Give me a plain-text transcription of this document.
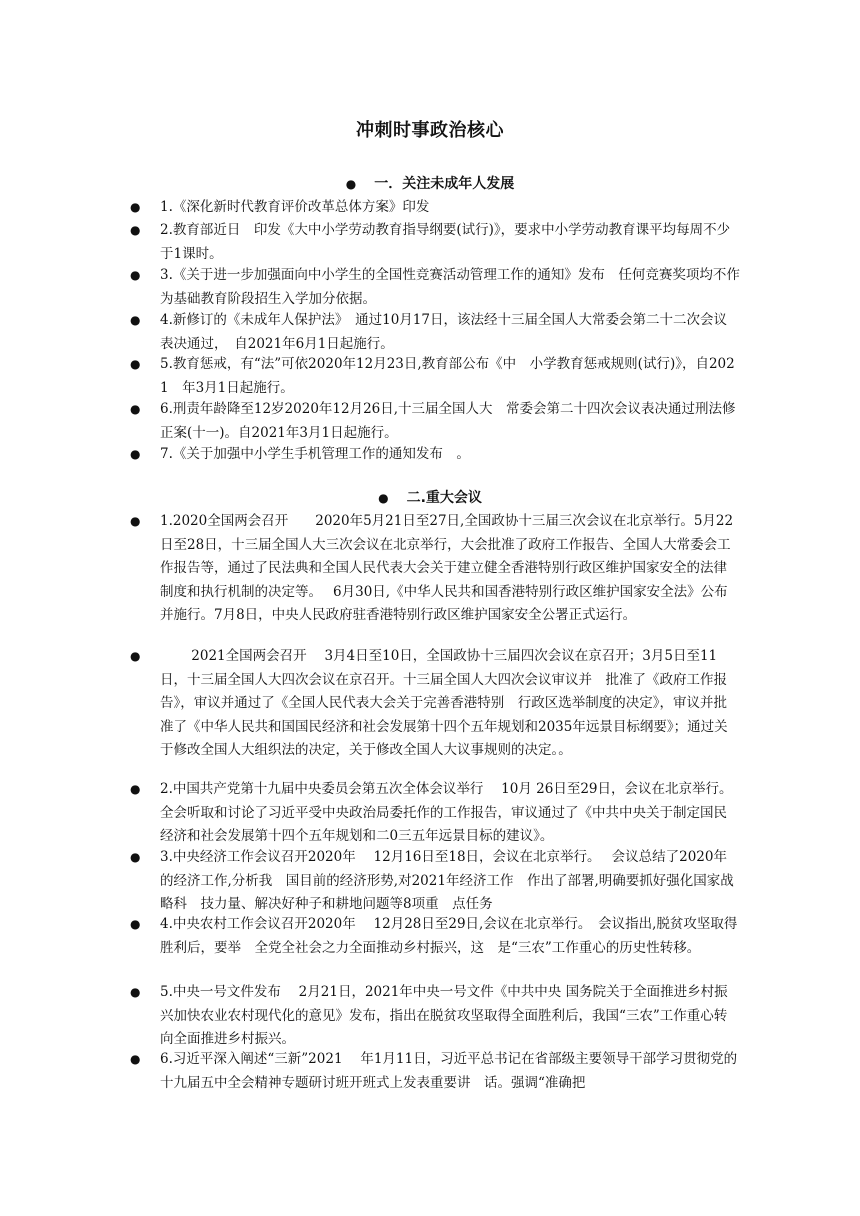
冲刺时事政治核心
● 一．关注未成年人发展
● 1.《深化新时代教育评价改革总体方案》印发
● 2.教育部近日　印发《大中小学劳动教育指导纲要(试行)》，要求中小学劳动教育课平均每周不少于1课时。
● 3.《关于进一步加强面向中小学生的全国性竞赛活动管理工作的通知》发布　任何竞赛奖项均不作为基础教育阶段招生入学加分依据。
● 4.新修订的《未成年人保护法》　通过10月17日，该法经十三届全国人大常委会第二十二次会议表决通过，　自2021年6月1日起施行。
● 5.教育惩戒，有“法”可依2020年12月23日,教育部公布《中　小学教育惩戒规则(试行)》，自2021　年3月1日起施行。
● 6.刑责年龄降至12岁2020年12月26日,十三届全国人大　常委会第二十四次会议表决通过刑法修　正案(十一)。自2021年3月1日起施行。
● 7.《关于加强中小学生手机管理工作的通知发布　。
● 二.重大会议
● 1.2020全国两会召开　　2020年5月21日至27日,全国政协十三届三次会议在北京举行。5月22日至28日，十三届全国人大三次会议在北京举行，大会批准了政府工作报告、全国人大常委会工作报告等，通过了民法典和全国人民代表大会关于建立健全香港特别行政区维护国家安全的法律制度和执行机制的决定等。　 6月30日,《中华人民共和国香港特别行政区维护国家安全法》公布并施行。7月8日，中央人民政府驻香港特别行政区维护国家安全公署正式运行。
● 　　 2021全国两会召开　 3月4日至10日，全国政协十三届四次会议在京召开；3月5日至11日，十三届全国人大四次会议在京召开。十三届全国人大四次会议审议并　批准了《政府工作报告》，审议并通过了《全国人民代表大会关于完善香港特别　行政区选举制度的决定》，审议并批准了《中华人民共和国国民经济和社会发展第十四个五年规划和2035年远景目标纲要》；通过关于修改全国人大组织法的决定，关于修改全国人大议事规则的决定。。
● 2.中国共产党第十九届中央委员会第五次全体会议举行　 10月 26日至29日，会议在北京举行。全会听取和讨论了习近平受中央政治局委托作的工作报告，审议通过了《中共中央关于制定国民经济和社会发展第十四个五年规划和二0三五年远景目标的建议》。
● 3.中央经济工作会议召开2020年　 12月16日至18日，会议在北京举行。　 会议总结了2020年的经济工作,分析我　国目前的经济形势,对2021年经济工作　作出了部署,明确要抓好强化国家战略科　技力量、解决好种子和耕地问题等8项重　点任务
● 4.中央农村工作会议召开2020年　 12月28日至29日,会议在北京举行。　会议指出,脱贫攻坚取得胜利后，要举　全党全社会之力全面推动乡村振兴，这　是“三农”工作重心的历史性转移。
● 5.中央一号文件发布　 2月21日，2021年中央一号文件《中共中央 国务院关于全面推进乡村振兴加快农业农村现代化的意见》发布，指出在脱贫攻坚取得全面胜利后，我国“三农”工作重心转向全面推进乡村振兴。
● 6.习近平深入阐述“三新”2021　 年1月11日，习近平总书记在省部级主要领导干部学习贯彻党的十九届五中全会精神专题研讨班开班式上发表重要讲　话。强调“准确把
